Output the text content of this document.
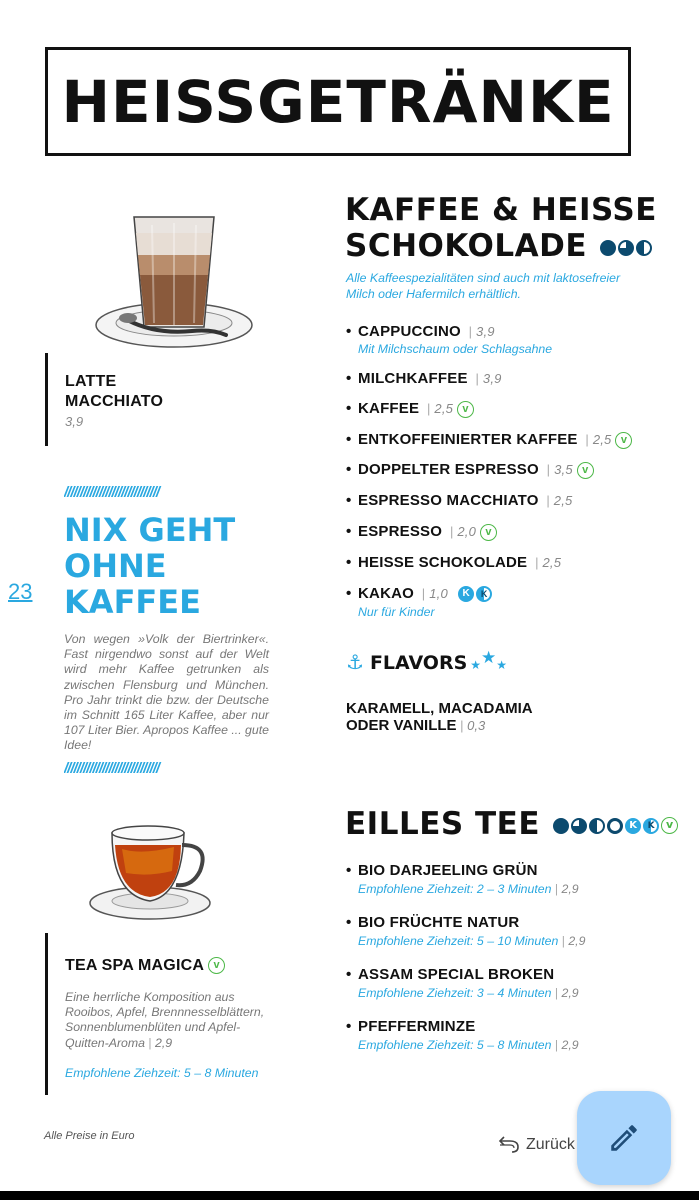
HEISSGETRÄNKE
LATTE
MACCHIATO
3,9
23
//////////////////////////////
NIX GEHT
OHNE
KAFFEE
Von wegen »Volk der Biertrinker«. Fast nirgendwo sonst auf der Welt wird mehr Kaffee getrunken als zwischen Flensburg und München. Pro Jahr trinkt die bzw. der Deutsche im Schnitt 165 Liter Kaffee, aber nur 107 Liter Bier. Apropos Kaffee ... gute Idee!
//////////////////////////////
TEA SPA MAGICA v
Eine herrliche Komposition aus Rooibos, Apfel, Brennnesselblättern, Sonnenblumenblüten und Apfel-Quitten-Aroma | 2,9
Empfohlene Ziehzeit: 5 – 8 Minuten
KAFFEE & HEISSE
SCHOKOLADE
Alle Kaffeespezialitäten sind auch mit laktosefreier Milch oder Hafermilch erhältlich.
• CAPPUCCINO | 3,9
Mit Milchschaum oder Schlagsahne
• MILCHKAFFEE | 3,9
• KAFFEE | 2,5 v
• ENTKOFFEINIERTER KAFFEE | 2,5 v
• DOPPELTER ESPRESSO | 3,5 v
• ESPRESSO MACCHIATO | 2,5
• ESPRESSO | 2,0 v
• HEISSE SCHOKOLADE | 2,5
• KAKAO | 1,0 K K
Nur für Kinder
⚓ FLAVORS ★★★
KARAMELL, MACADAMIA
ODER VANILLE | 0,3
EILLES TEE	K K v
• BIO DARJEELING GRÜN
Empfohlene Ziehzeit: 2 – 3 Minuten | 2,9
• BIO FRÜCHTE NATUR
Empfohlene Ziehzeit: 5 – 10 Minuten | 2,9
• ASSAM SPECIAL BROKEN
Empfohlene Ziehzeit: 3 – 4 Minuten | 2,9
• PFEFFERMINZE
Empfohlene Ziehzeit: 5 – 8 Minuten | 2,9
Alle Preise in Euro	Zurück
